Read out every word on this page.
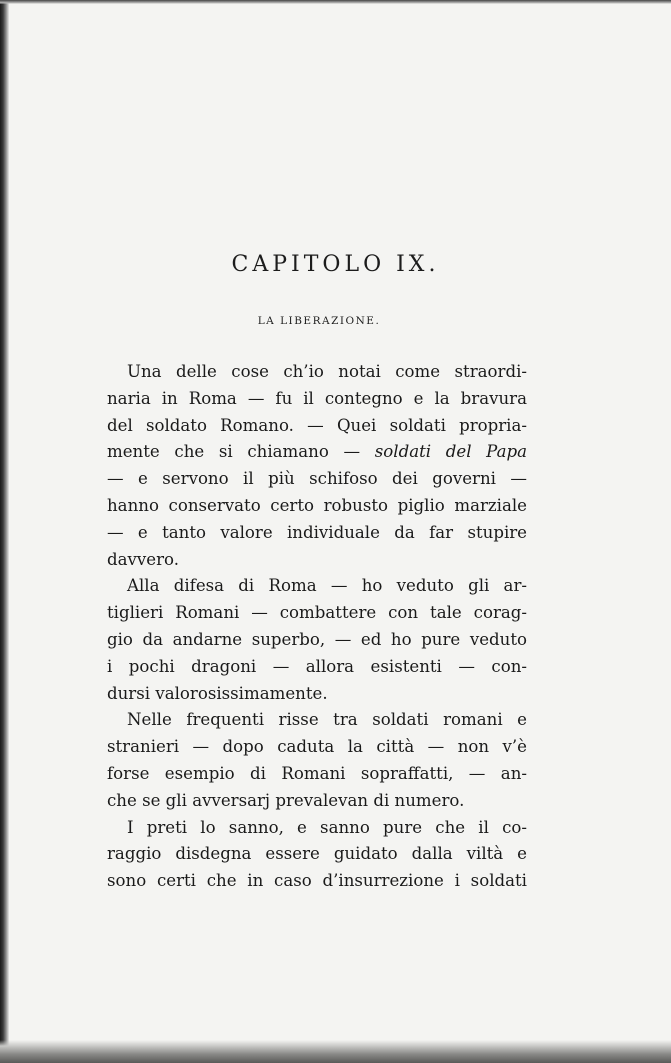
CAPITOLO IX.
LA LIBERAZIONE.
Una delle cose ch’io notai come straordi-
naria in Roma — fu il contegno e la bravura
del soldato Romano. — Quei soldati propria-
mente che si chiamano — soldati del Papa
— e servono il più schifoso dei governi —
hanno conservato certo robusto piglio marziale
— e tanto valore individuale da far stupire
davvero.
Alla difesa di Roma — ho veduto gli ar-
tiglieri Romani — combattere con tale corag-
gio da andarne superbo, — ed ho pure veduto
i pochi dragoni — allora esistenti — con-
dursi valorosissimamente.
Nelle frequenti risse tra soldati romani e
stranieri — dopo caduta la città — non v’è
forse esempio di Romani sopraffatti, — an-
che se gli avversarj prevalevan di numero.
I preti lo sanno, e sanno pure che il co-
raggio disdegna essere guidato dalla viltà e
sono certi che in caso d’insurrezione i soldati
